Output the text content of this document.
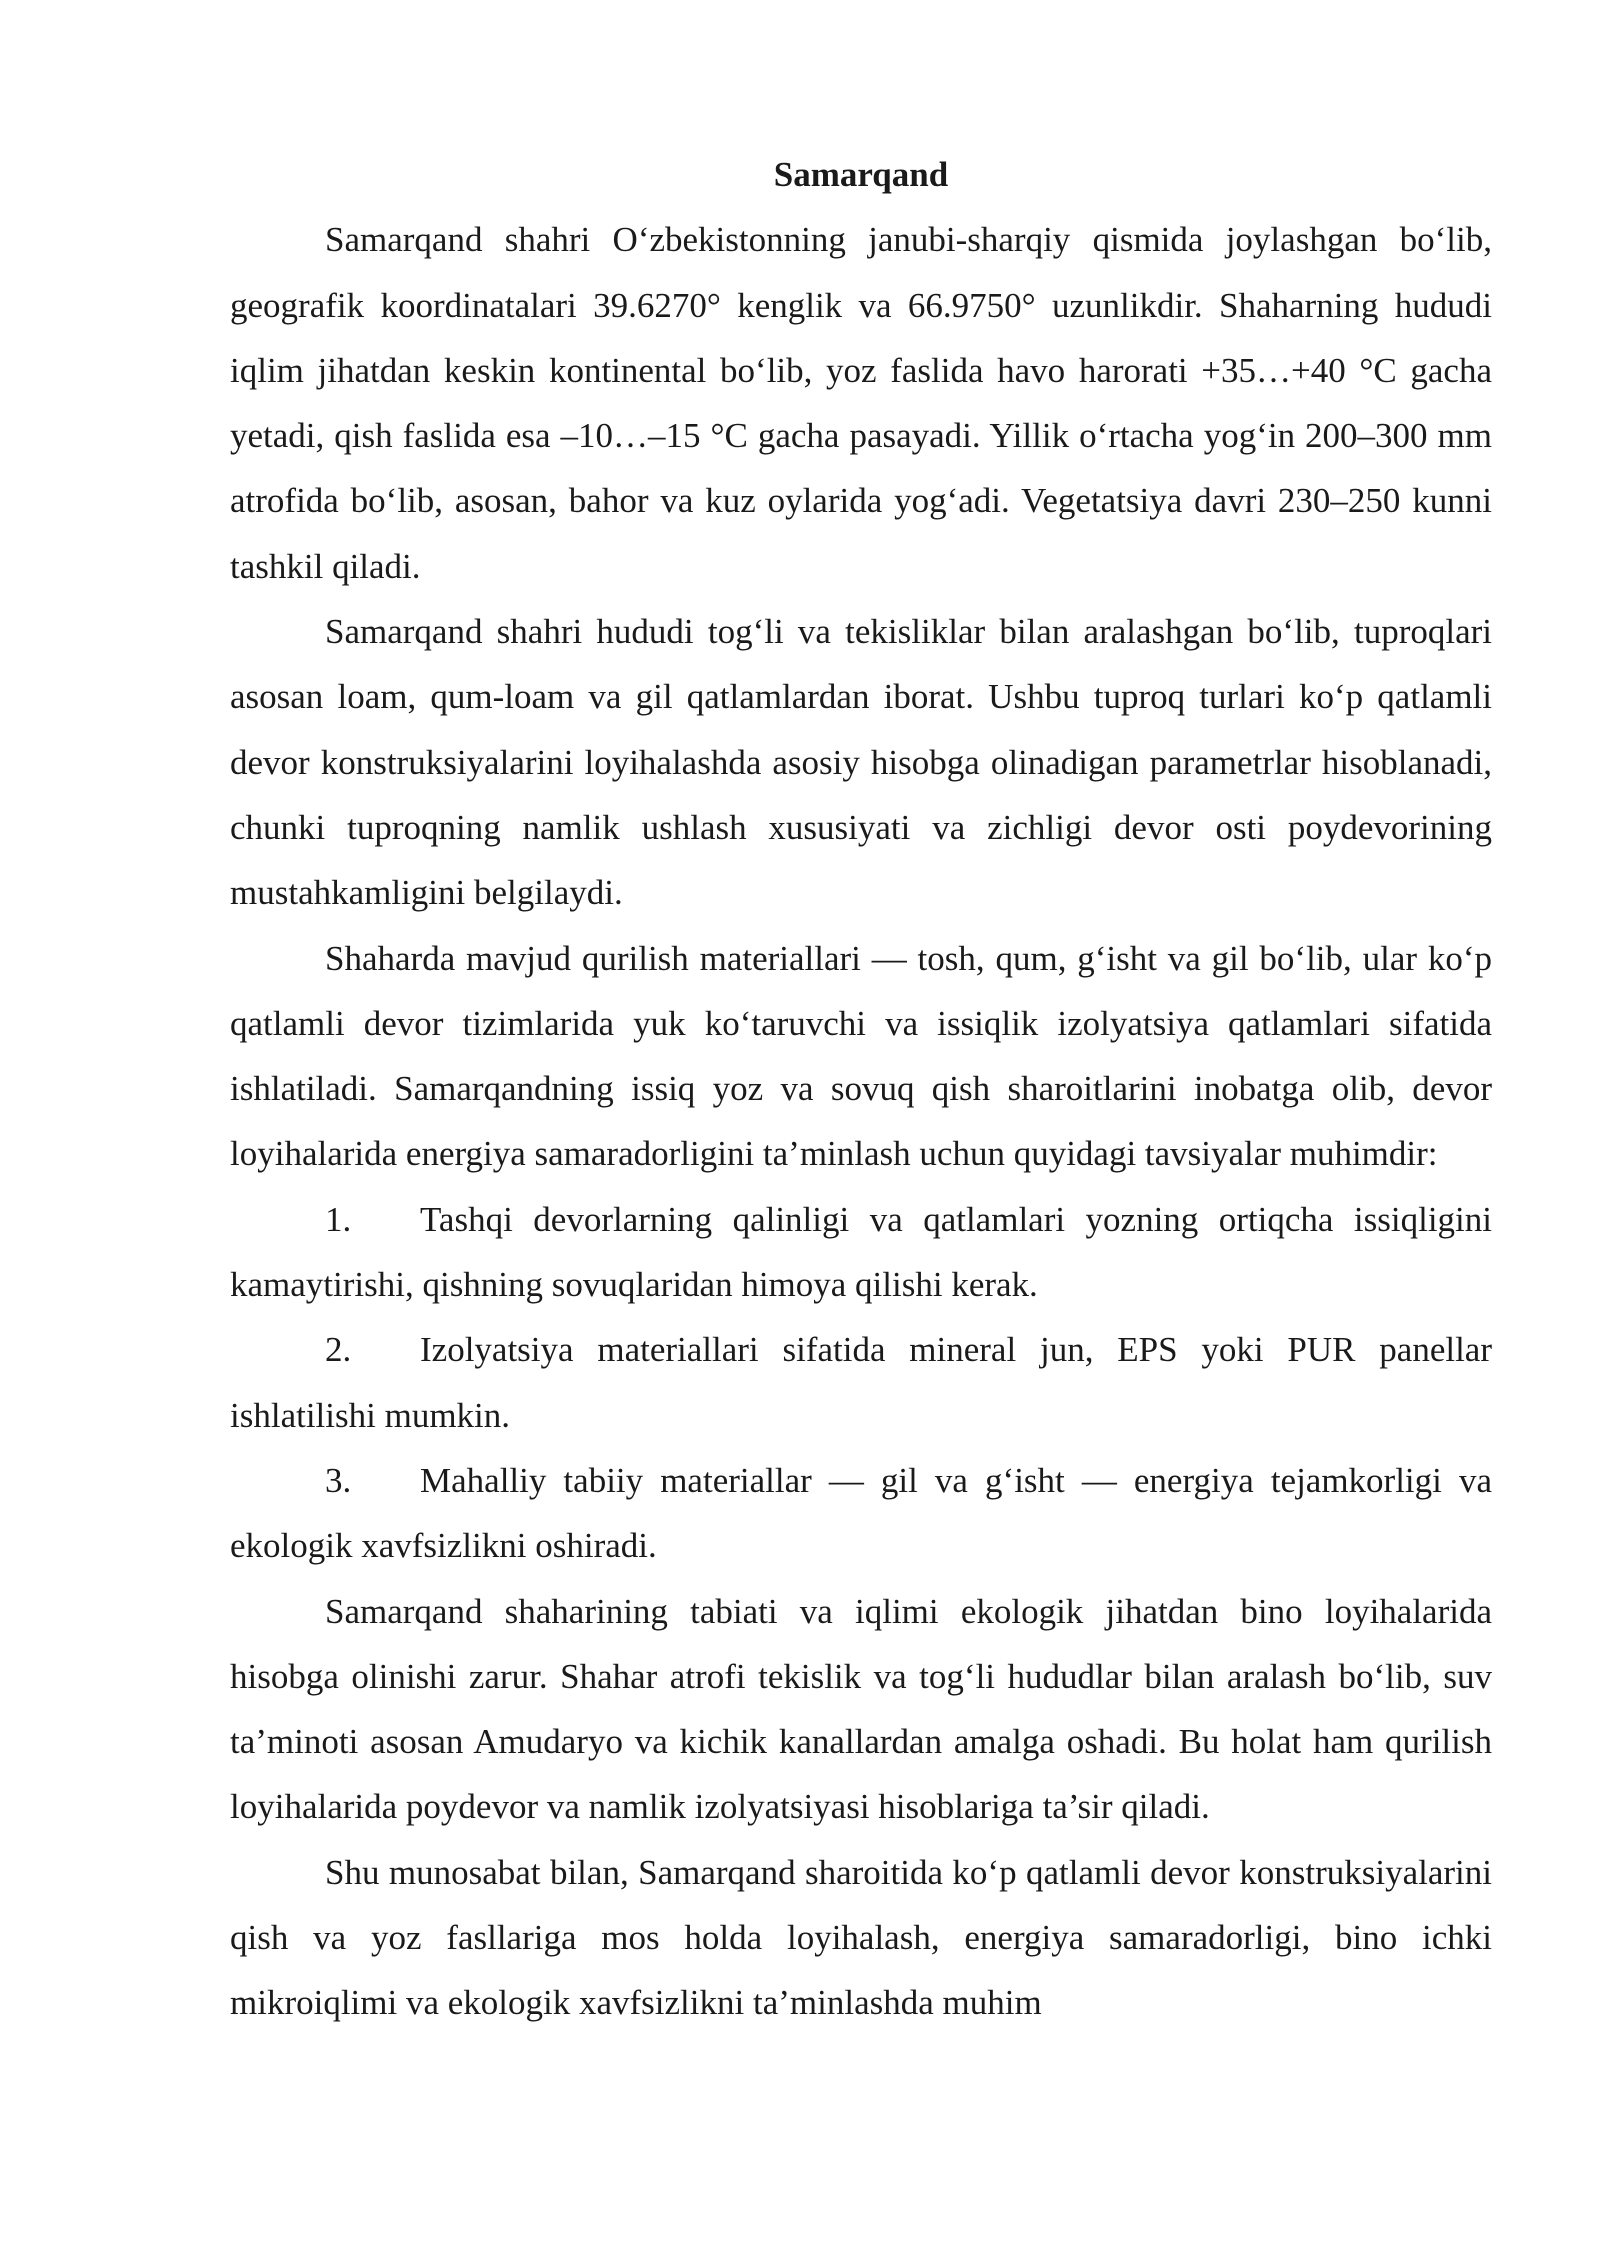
Samarqand

Samarqand shahri O‘zbekistonning janubi-sharqiy qismida joylashgan bo‘lib, geografik koordinatalari 39.6270° kenglik va 66.9750° uzunlikdir. Shaharning hududi iqlim jihatdan keskin kontinental bo‘lib, yoz faslida havo harorati +35…+40 °C gacha yetadi, qish faslida esa –10…–15 °C gacha pasayadi. Yillik o‘rtacha yog‘in 200–300 mm atrofida bo‘lib, asosan, bahor va kuz oylarida yog‘adi. Vegetatsiya davri 230–250 kunni tashkil qiladi.

Samarqand shahri hududi tog‘li va tekisliklar bilan aralashgan bo‘lib, tuproqlari asosan loam, qum-loam va gil qatlamlardan iborat. Ushbu tuproq turlari ko‘p qatlamli devor konstruksiyalarini loyihalashda asosiy hisobga olinadigan parametrlar hisoblanadi, chunki tuproqning namlik ushlash xususiyati va zichligi devor osti poydevorining mustahkamligini belgilaydi.

Shaharda mavjud qurilish materiallari — tosh, qum, g‘isht va gil bo‘lib, ular ko‘p qatlamli devor tizimlarida yuk ko‘taruvchi va issiqlik izolyatsiya qatlamlari sifatida ishlatiladi. Samarqandning issiq yoz va sovuq qish sharoitlarini inobatga olib, devor loyihalarida energiya samaradorligini ta’minlash uchun quyidagi tavsiyalar muhimdir:

1. Tashqi devorlarning qalinligi va qatlamlari yozning ortiqcha issiqligini kamaytirishi, qishning sovuqlaridan himoya qilishi kerak.

2. Izolyatsiya materiallari sifatida mineral jun, EPS yoki PUR panellar ishlatilishi mumkin.

3. Mahalliy tabiiy materiallar — gil va g‘isht — energiya tejamkorligi va ekologik xavfsizlikni oshiradi.

Samarqand shaharining tabiati va iqlimi ekologik jihatdan bino loyihalarida hisobga olinishi zarur. Shahar atrofi tekislik va tog‘li hududlar bilan aralash bo‘lib, suv ta’minoti asosan Amudaryo va kichik kanallardan amalga oshadi. Bu holat ham qurilish loyihalarida poydevor va namlik izolyatsiyasi hisoblariga ta’sir qiladi.

Shu munosabat bilan, Samarqand sharoitida ko‘p qatlamli devor konstruksiyalarini qish va yoz fasllariga mos holda loyihalash, energiya samaradorligi, bino ichki mikroiqlimi va ekologik xavfsizlikni ta’minlashda muhim
